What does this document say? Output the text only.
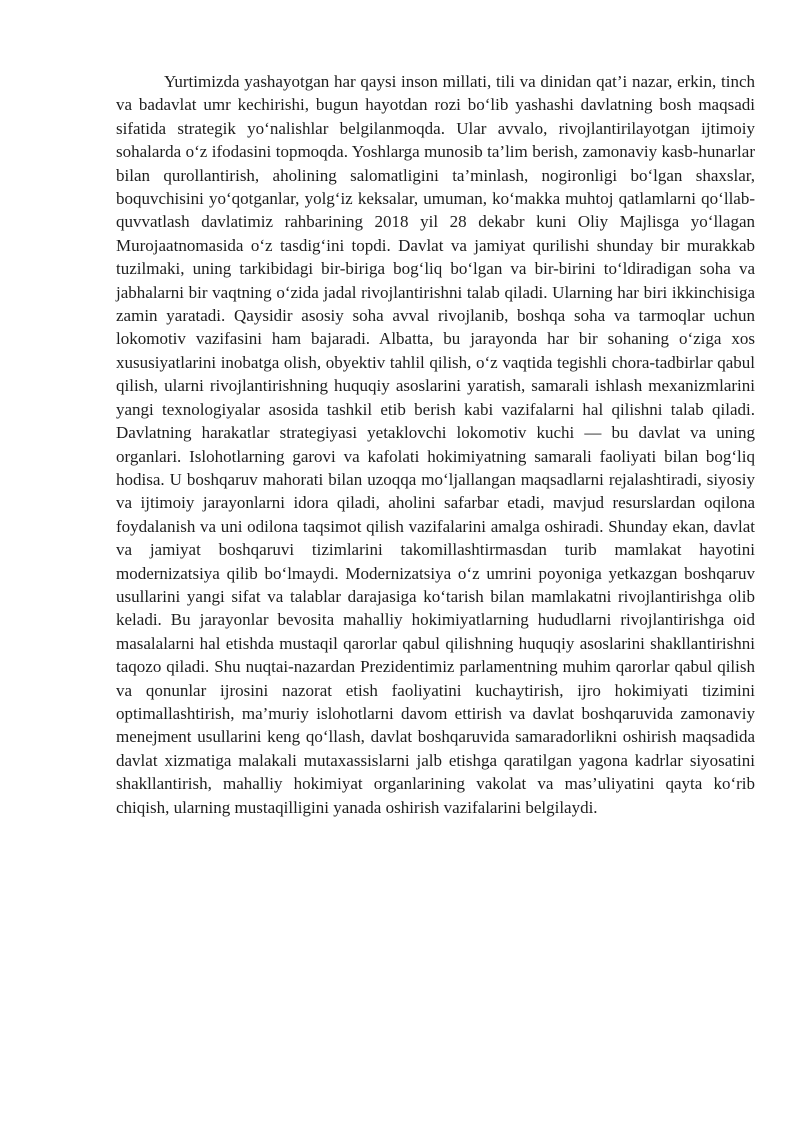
Yurtimizda yashayotgan har qaysi inson millati, tili va dinidan qat’i nazar, erkin, tinch va badavlat umr kechirishi, bugun hayotdan rozi bo‘lib yashashi davlatning bosh maqsadi sifatida strategik yo‘nalishlar belgilanmoqda. Ular avvalo, rivojlantirilayotgan ijtimoiy sohalarda o‘z ifodasini topmoqda. Yoshlarga munosib ta’lim berish, zamonaviy kasb-hunarlar bilan qurollantirish, aholining salomatligini ta’minlash, nogironligi bo‘lgan shaxslar, boquvchisini yo‘qotganlar, yolg‘iz keksalar, umuman, ko‘makka muhtoj qatlamlarni qo‘llab-quvvatlash davlatimiz rahbarining 2018 yil 28 dekabr kuni Oliy Majlisga yo‘llagan Murojaatnomasida o‘z tasdig‘ini topdi. Davlat va jamiyat qurilishi shunday bir murakkab tuzilmaki, uning tarkibidagi bir-biriga bog‘liq bo‘lgan va bir-birini to‘ldiradigan soha va jabhalarni bir vaqtning o‘zida jadal rivojlantirishni talab qiladi. Ularning har biri ikkinchisiga zamin yaratadi. Qaysidir asosiy soha avval rivojlanib, boshqa soha va tarmoqlar uchun lokomotiv vazifasini ham bajaradi. Albatta, bu jarayonda har bir sohaning o‘ziga xos xususiyatlarini inobatga olish, obyektiv tahlil qilish, o‘z vaqtida tegishli chora-tadbirlar qabul qilish, ularni rivojlantirishning huquqiy asoslarini yaratish, samarali ishlash mexanizmlarini yangi texnologiyalar asosida tashkil etib berish kabi vazifalarni hal qilishni talab qiladi. Davlatning harakatlar strategiyasi yetaklovchi lokomotiv kuchi — bu davlat va uning organlari. Islohotlarning garovi va kafolati hokimiyatning samarali faoliyati bilan bog‘liq hodisa. U boshqaruv mahorati bilan uzoqqa mo‘ljallangan maqsadlarni rejalashtiradi, siyosiy va ijtimoiy jarayonlarni idora qiladi, aholini safarbar etadi, mavjud resurslardan oqilona foydalanish va uni odilona taqsimot qilish vazifalarini amalga oshiradi. Shunday ekan, davlat va jamiyat boshqaruvi tizimlarini takomillashtirmasdan turib mamlakat hayotini modernizatsiya qilib bo‘lmaydi. Modernizatsiya o‘z umrini poyoniga yetkazgan boshqaruv usullarini yangi sifat va talablar darajasiga ko‘tarish bilan mamlakatni rivojlantirishga olib keladi. Bu jarayonlar bevosita mahalliy hokimiyatlarning hududlarni rivojlantirishga oid masalalarni hal etishda mustaqil qarorlar qabul qilishning huquqiy asoslarini shakllantirishni taqozo qiladi. Shu nuqtai-nazardan Prezidentimiz parlamentning muhim qarorlar qabul qilish va qonunlar ijrosini nazorat etish faoliyatini kuchaytirish, ijro hokimiyati tizimini optimallashtirish, ma’muriy islohotlarni davom ettirish va davlat boshqaruvida zamonaviy menejment usullarini keng qo‘llash, davlat boshqaruvida samaradorlikni oshirish maqsadida davlat xizmatiga malakali mutaxassislarni jalb etishga qaratilgan yagona kadrlar siyosatini shakllantirish, mahalliy hokimiyat organlarining vakolat va mas’uliyatini qayta ko‘rib chiqish, ularning mustaqilligini yanada oshirish vazifalarini belgilaydi.
